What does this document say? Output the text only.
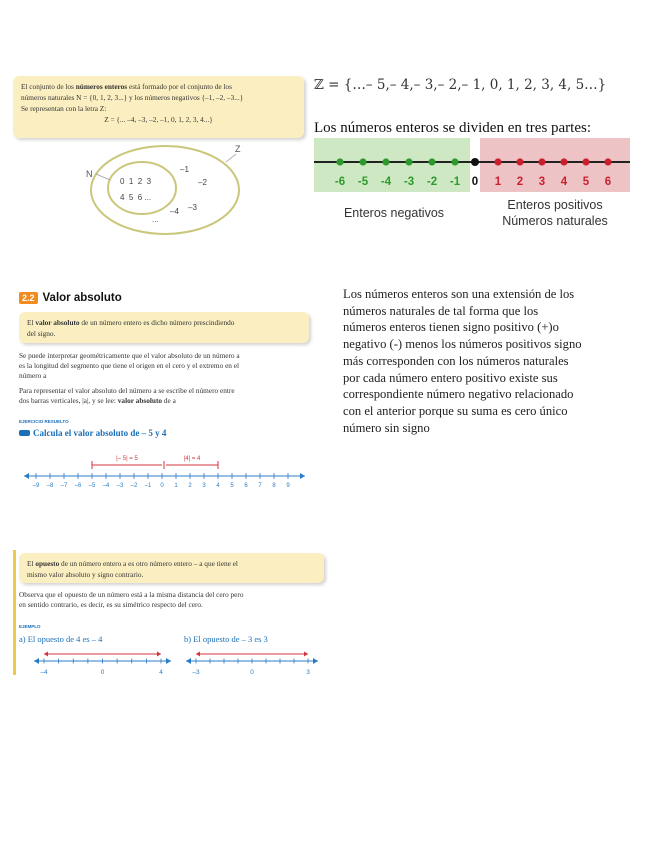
El conjunto de los números enteros está formado por el conjunto de los
números naturales N = {0, 1, 2, 3...} y los números negativos {–1, –2, –3...}
Se representan con la letra Z:
Z = {... –4, –3, –2, –1, 0, 1, 2, 3, 4...}
N
Z
0  1  2  3
4  5  6 ...
–1
–2
–4 –3
...
ℤ = {…– 5,– 4,– 3,– 2,– 1, 0, 1, 2, 3, 4, 5…}
Los números enteros se dividen en tres partes:
0
-6 -5 -4 -3 -2 -1	1 2 3 4 5 6
Enteros negativos
Enteros positivos
Números naturales
2.2 Valor absoluto
El valor absoluto de un número entero es dicho número prescindiendo
del signo.
Se puede interpretar geométricamente que el valor absoluto de un número a
es la longitud del segmento que tiene el origen en el cero y el extremo en el
número a
Para representar el valor absoluto del número a se escribe el número entre
dos barras verticales, |a|, y se lee: valor absoluto de a
EJERCICIO RESUELTO
Calcula el valor absoluto de – 5 y 4
–9 –8 –7 –6 –5 –4 –3 –2 –1 0 1 2 3 4 5 6 7 8 9
|– 5| = 5	|4| = 4
Los números enteros son una extensión de los
números naturales de tal forma que los
números enteros tienen signo positivo (+)o
negativo (-) menos los números positivos signo
más corresponden con los números naturales
por cada número entero positivo existe sus
correspondiente número negativo relacionado
con el anterior porque su suma es cero único
número sin signo
El opuesto de un número entero a es otro número entero – a que tiene el
mismo valor absoluto y signo contrario.
Observa que el opuesto de un número está a la misma distancia del cero pero
en sentido contrario, es decir, es su simétrico respecto del cero.
EJEMPLO
a) El opuesto de 4 es – 4	b) El opuesto de – 3 es 3
–4	0	4	–3	0	3
